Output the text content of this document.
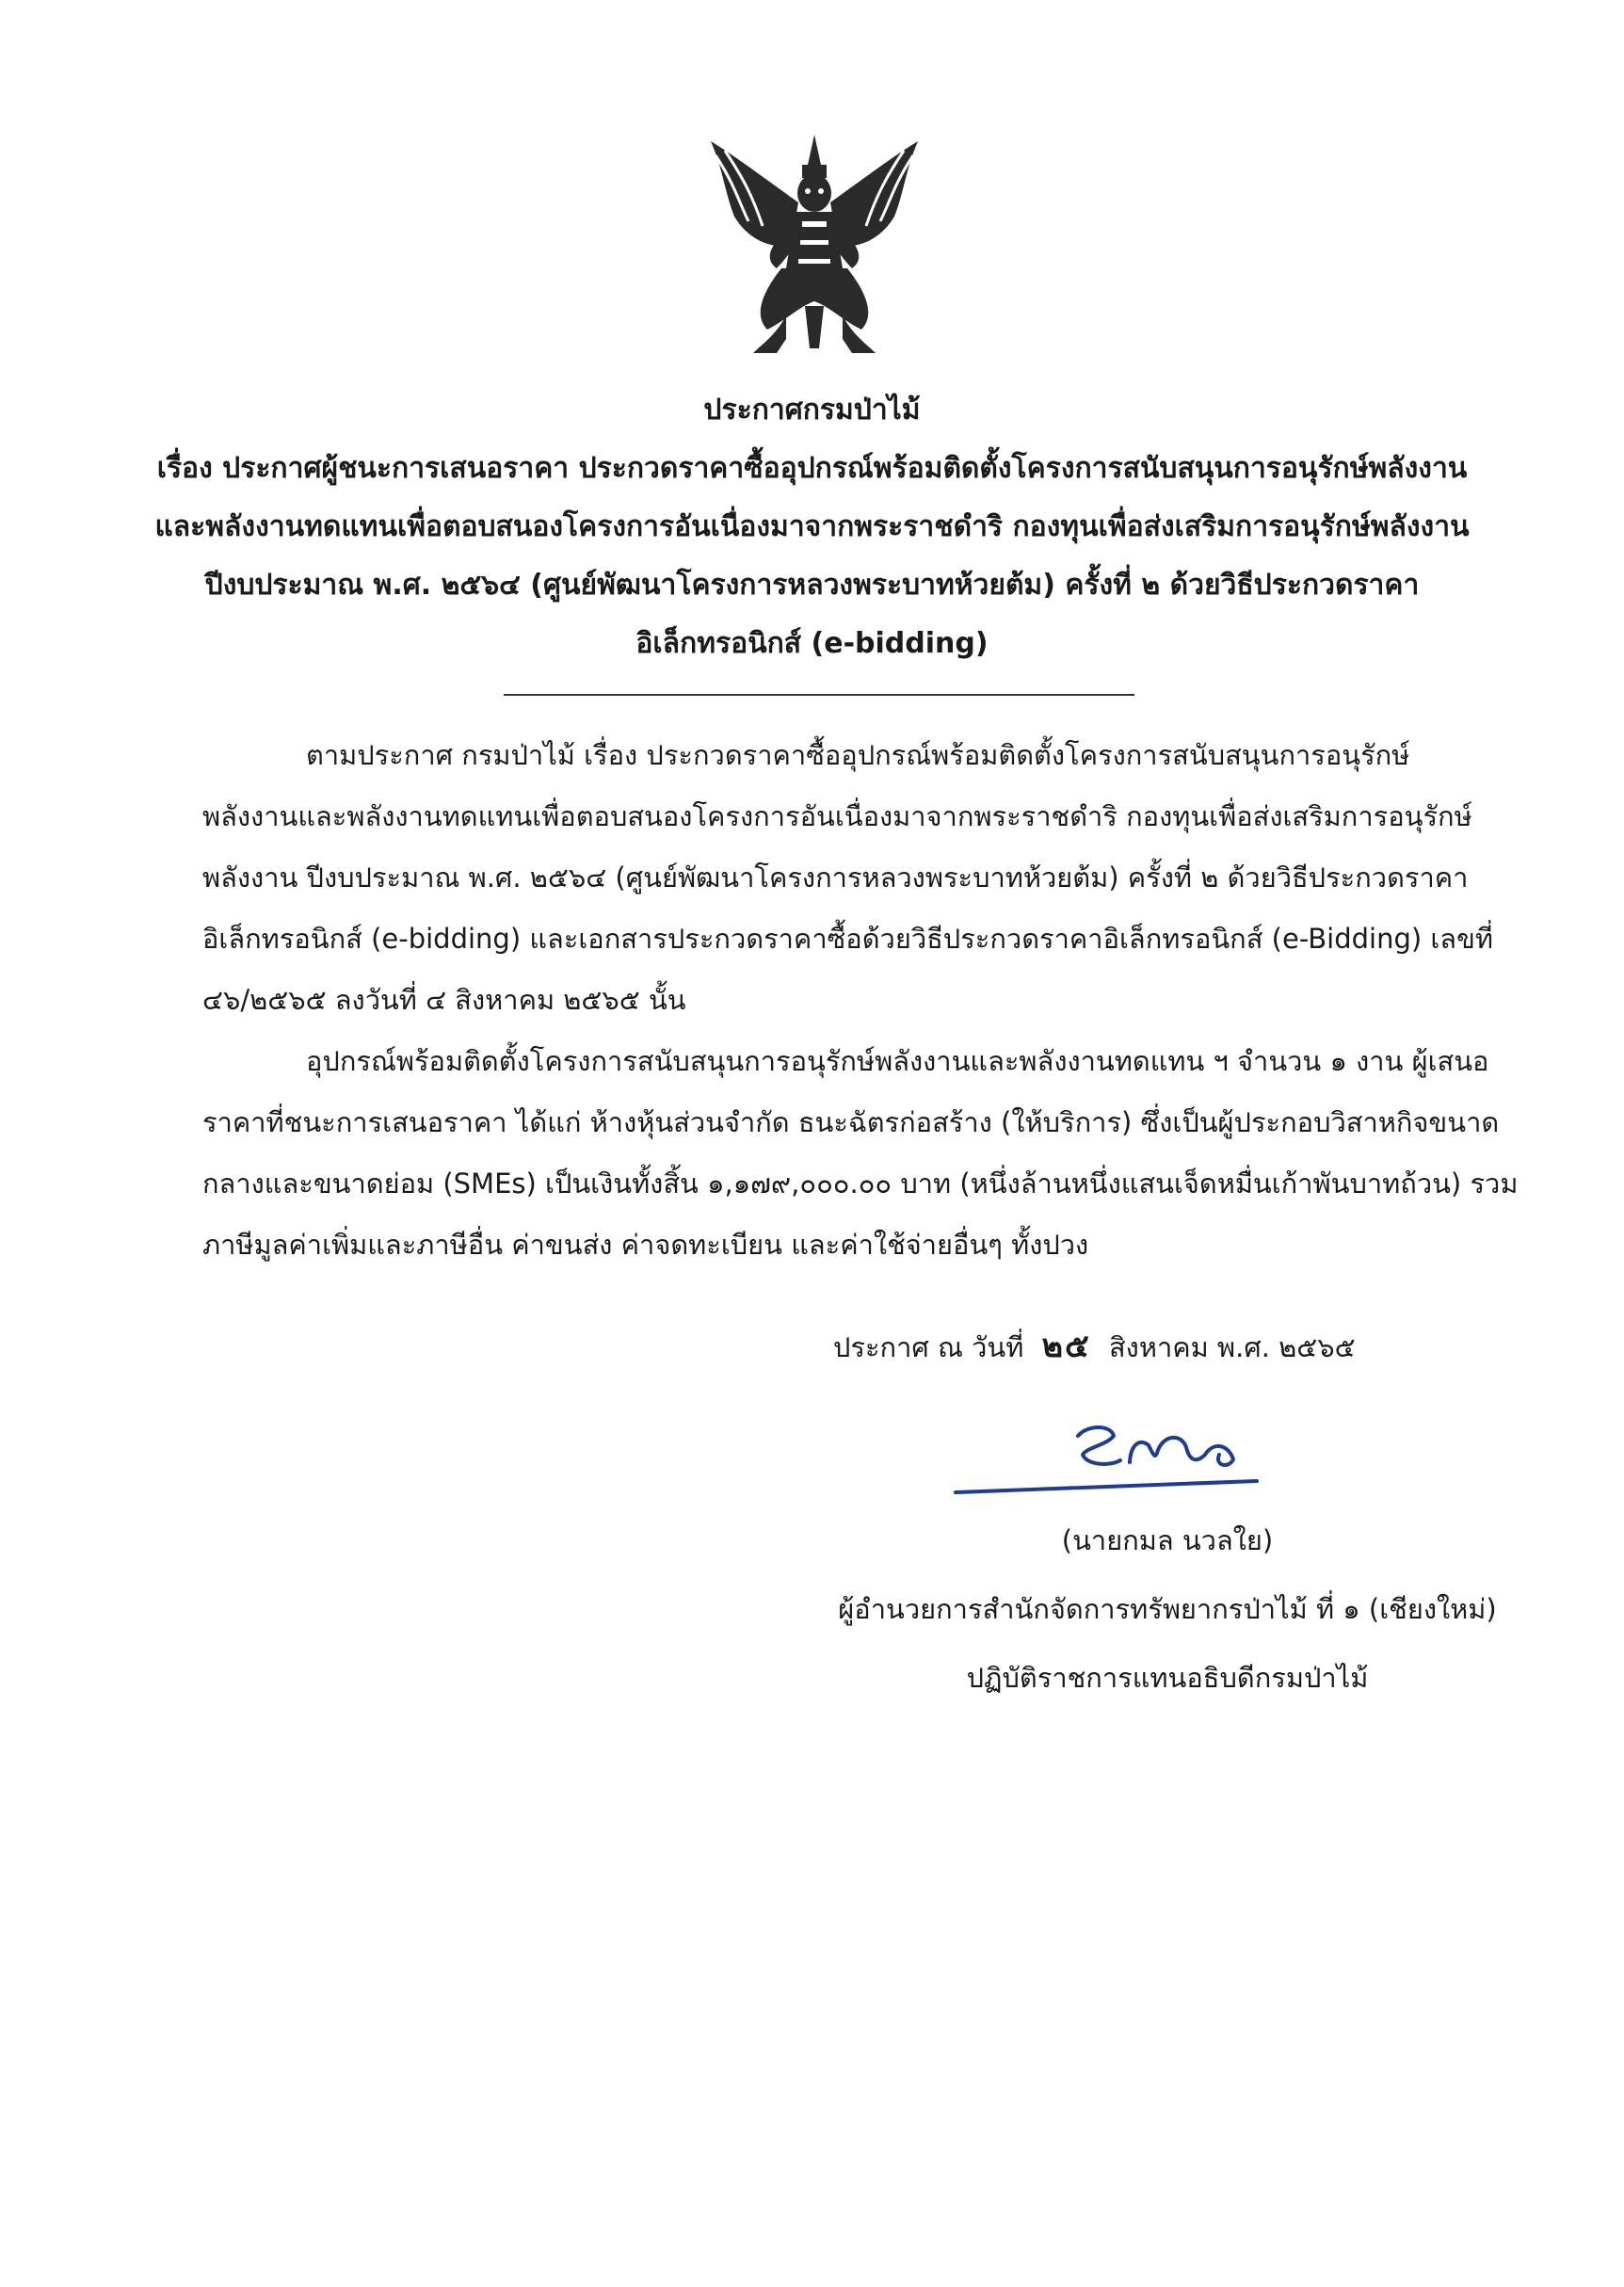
ประกาศกรมป่าไม้
เรื่อง ประกาศผู้ชนะการเสนอราคา ประกวดราคาซื้ออุปกรณ์พร้อมติดตั้งโครงการสนับสนุนการอนุรักษ์พลังงาน
และพลังงานทดแทนเพื่อตอบสนองโครงการอันเนื่องมาจากพระราชดำริ กองทุนเพื่อส่งเสริมการอนุรักษ์พลังงาน
ปีงบประมาณ พ.ศ. ๒๕๖๔ (ศูนย์พัฒนาโครงการหลวงพระบาทห้วยต้ม) ครั้งที่ ๒ ด้วยวิธีประกวดราคา
อิเล็กทรอนิกส์ (e-bidding)
ตามประกาศ กรมป่าไม้ เรื่อง ประกวดราคาซื้ออุปกรณ์พร้อมติดตั้งโครงการสนับสนุนการอนุรักษ์
พลังงานและพลังงานทดแทนเพื่อตอบสนองโครงการอันเนื่องมาจากพระราชดำริ กองทุนเพื่อส่งเสริมการอนุรักษ์
พลังงาน ปีงบประมาณ พ.ศ. ๒๕๖๔ (ศูนย์พัฒนาโครงการหลวงพระบาทห้วยต้ม) ครั้งที่ ๒ ด้วยวิธีประกวดราคา
อิเล็กทรอนิกส์ (e-bidding) และเอกสารประกวดราคาซื้อด้วยวิธีประกวดราคาอิเล็กทรอนิกส์ (e-Bidding) เลขที่
๔๖/๒๕๖๕ ลงวันที่ ๔ สิงหาคม ๒๕๖๕ นั้น
อุปกรณ์พร้อมติดตั้งโครงการสนับสนุนการอนุรักษ์พลังงานและพลังงานทดแทน ฯ จำนวน ๑ งาน ผู้เสนอ
ราคาที่ชนะการเสนอราคา ได้แก่ ห้างหุ้นส่วนจำกัด ธนะฉัตรก่อสร้าง (ให้บริการ) ซึ่งเป็นผู้ประกอบวิสาหกิจขนาด
กลางและขนาดย่อม (SMEs) เป็นเงินทั้งสิ้น ๑,๑๗๙,๐๐๐.๐๐ บาท (หนึ่งล้านหนึ่งแสนเจ็ดหมื่นเก้าพันบาทถ้วน) รวม
ภาษีมูลค่าเพิ่มและภาษีอื่น ค่าขนส่ง ค่าจดทะเบียน และค่าใช้จ่ายอื่นๆ ทั้งปวง
ประกาศ ณ วันที่ ๒๕ สิงหาคม พ.ศ. ๒๕๖๕
(นายกมล นวลใย)
ผู้อำนวยการสำนักจัดการทรัพยากรป่าไม้ ที่ ๑ (เชียงใหม่)
ปฏิบัติราชการแทนอธิบดีกรมป่าไม้
